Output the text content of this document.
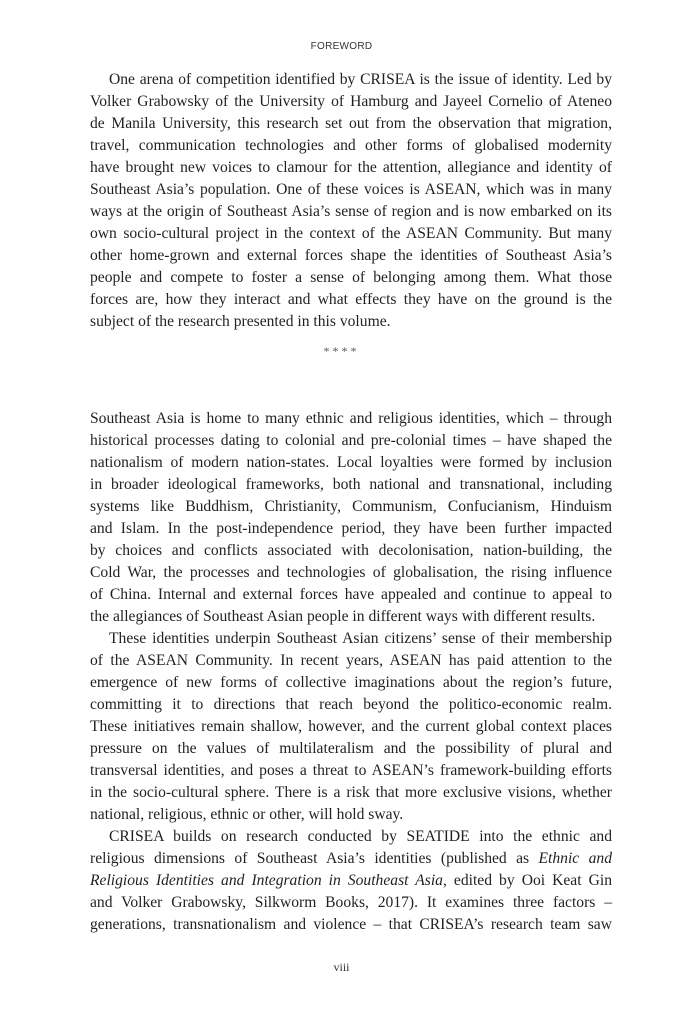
FOREWORD
One arena of competition identified by CRISEA is the issue of identity. Led by
Volker Grabowsky of the University of Hamburg and Jayeel Cornelio of Ateneo
de Manila University, this research set out from the observation that migration,
travel, communication technologies and other forms of globalised modernity
have brought new voices to clamour for the attention, allegiance and identity of
Southeast Asia’s population. One of these voices is ASEAN, which was in many
ways at the origin of Southeast Asia’s sense of region and is now embarked on its
own socio-cultural project in the context of the ASEAN Community. But many
other home-grown and external forces shape the identities of Southeast Asia’s
people and compete to foster a sense of belonging among them. What those
forces are, how they interact and what effects they have on the ground is the
subject of the research presented in this volume.
****
Southeast Asia is home to many ethnic and religious identities, which – through
historical processes dating to colonial and pre-colonial times – have shaped the
nationalism of modern nation-states. Local loyalties were formed by inclusion
in broader ideological frameworks, both national and transnational, including
systems like Buddhism, Christianity, Communism, Confucianism, Hinduism
and Islam. In the post-independence period, they have been further impacted
by choices and conflicts associated with decolonisation, nation-building, the
Cold War, the processes and technologies of globalisation, the rising influence
of China. Internal and external forces have appealed and continue to appeal to
the allegiances of Southeast Asian people in different ways with different results.
These identities underpin Southeast Asian citizens’ sense of their membership
of the ASEAN Community. In recent years, ASEAN has paid attention to the
emergence of new forms of collective imaginations about the region’s future,
committing it to directions that reach beyond the politico-economic realm.
These initiatives remain shallow, however, and the current global context places
pressure on the values of multilateralism and the possibility of plural and
transversal identities, and poses a threat to ASEAN’s framework-building efforts
in the socio-cultural sphere. There is a risk that more exclusive visions, whether
national, religious, ethnic or other, will hold sway.
CRISEA builds on research conducted by SEATIDE into the ethnic and
religious dimensions of Southeast Asia’s identities (published as Ethnic and
Religious Identities and Integration in Southeast Asia, edited by Ooi Keat Gin
and Volker Grabowsky, Silkworm Books, 2017). It examines three factors –
generations, transnationalism and violence – that CRISEA’s research team saw
viii
